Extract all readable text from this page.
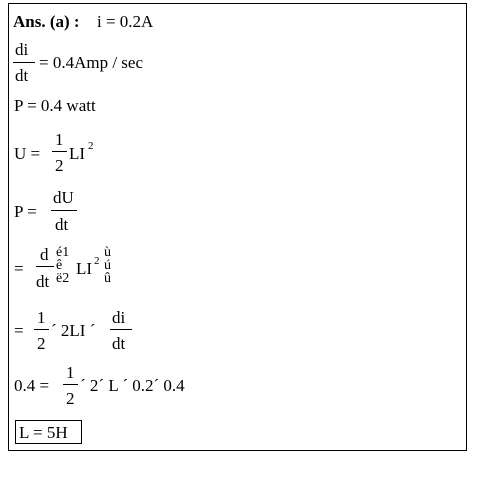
Ans. (a) : i = 0.2A
di
dt
= 0.4Amp / sec
P = 0.4 watt
U =
1
2
LI 2
P =
dU
dt
=
d
dt
é1
ê
ë2
LI 2
ù
ú
û
=
1
2
´ 2LI ´
di
dt
0.4 =
1
2
´ 2´ L ´ 0.2´ 0.4
L = 5H
